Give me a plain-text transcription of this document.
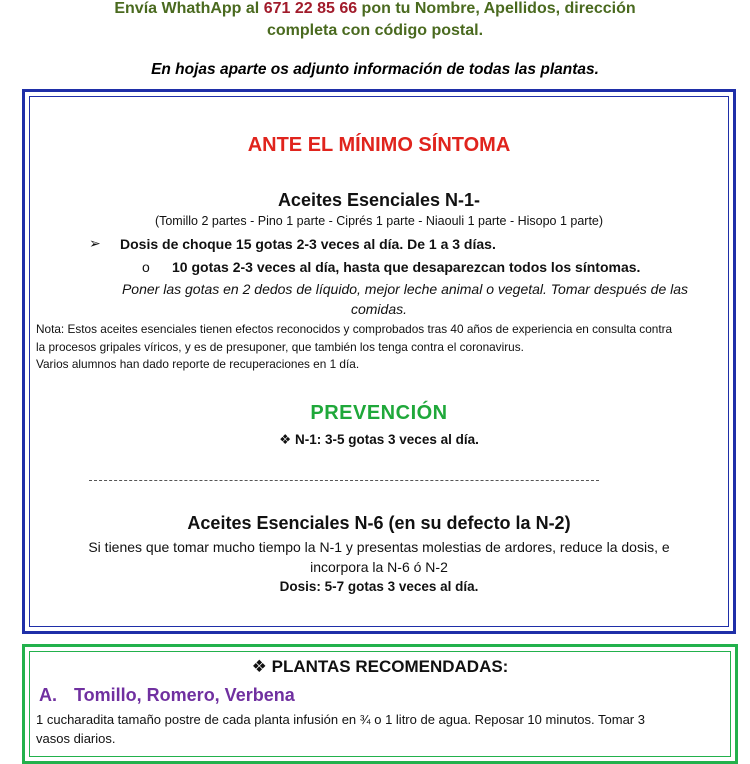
Envía WhathApp al 671 22 85 66 pon tu Nombre, Apellidos, dirección
completa con código postal.
En hojas aparte os adjunto información de todas las plantas.
ANTE EL MÍNIMO SÍNTOMA
Aceites Esenciales N-1-
(Tomillo 2 partes - Pino 1 parte - Ciprés 1 parte - Niaouli 1 parte - Hisopo 1 parte)
➢ Dosis de choque 15 gotas 2-3 veces al día. De 1 a 3 días.
o 10 gotas 2-3 veces al día, hasta que desaparezcan todos los síntomas.
Poner las gotas en 2 dedos de líquido, mejor leche animal o vegetal. Tomar después de las
comidas.
Nota: Estos aceites esenciales tienen efectos reconocidos y comprobados tras 40 años de experiencia en consulta contra
la procesos gripales víricos, y es de presuponer, que también los tenga contra el coronavirus.
Varios alumnos han dado reporte de recuperaciones en 1 día.
PREVENCIÓN
❖ N-1: 3-5 gotas 3 veces al día.
Aceites Esenciales N-6 (en su defecto la N-2)
Si tienes que tomar mucho tiempo la N-1 y presentas molestias de ardores, reduce la dosis, e
incorpora la N-6 ó N-2
Dosis: 5-7 gotas 3 veces al día.
❖ PLANTAS RECOMENDADAS:
A. Tomillo, Romero, Verbena
1 cucharadita tamaño postre de cada planta infusión en ¾ o 1 litro de agua. Reposar 10 minutos. Tomar 3
vasos diarios.
